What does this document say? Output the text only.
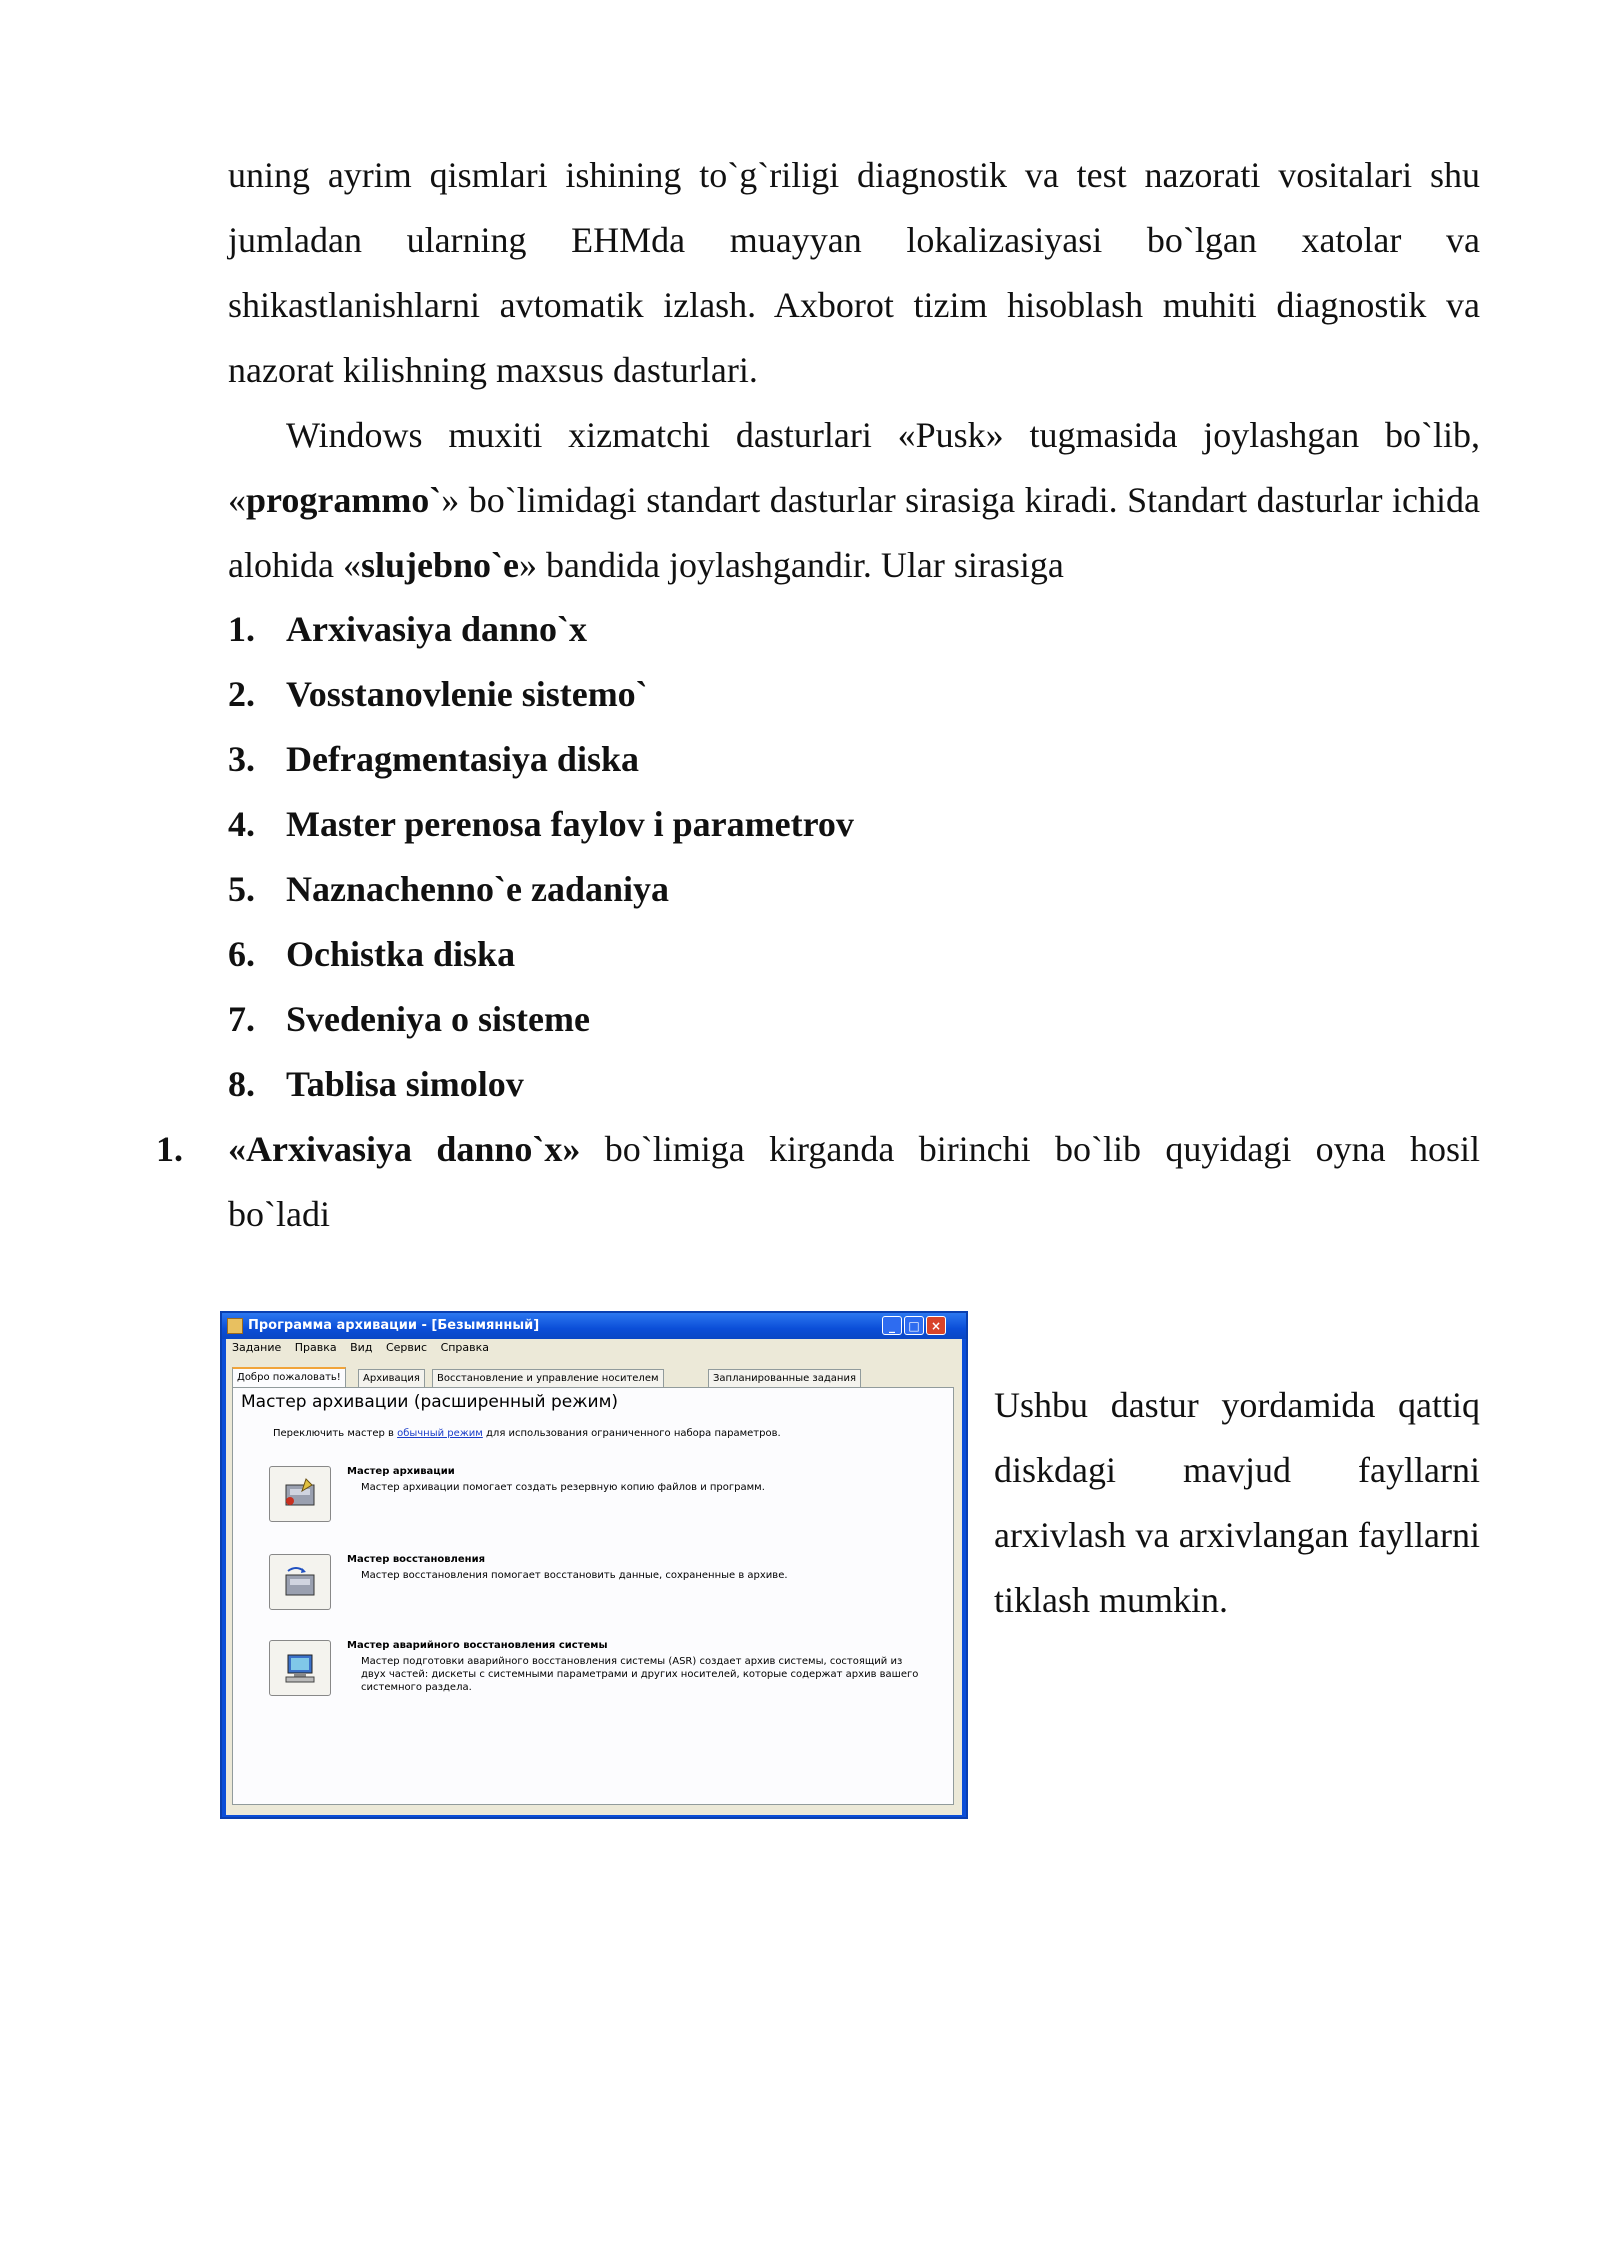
uning ayrim qismlari ishining to`g`riligi diagnostik va test nazorati vositalari shu jumladan ularning EHMda muayyan lokalizasiyasi bo`lgan xatolar va shikastlanishlarni avtomatik izlash. Axborot tizim hisoblash muhiti diagnostik va nazorat kilishning maxsus dasturlari.

Windows muxiti xizmatchi dasturlari «Pusk» tugmasida joylashgan bo`lib, «programmo`» bo`limidagi standart dasturlar sirasiga kiradi. Standart dasturlar ichida alohida «slujebno`e» bandida joylashgandir. Ular sirasiga

1. Arxivasiya danno`x
2. Vosstanovlenie sistemo`
3. Defragmentasiya diska
4. Master perenosa faylov i parametrov
5. Naznachenno`e zadaniya
6. Ochistka diska
7. Svedeniya o sisteme
8. Tablisa simolov
1. «Arxivasiya danno`x» bo`limiga kirganda birinchi bo`lib quyidagi oyna hosil
bo`ladi
Ushbu dastur yordamida qattiq diskdagi mavjud fayllarni arxivlash va arxivlangan fayllarni tiklash mumkin.
Программа архивации - [Безымянный]	_	□ ×
Задание Правка Вид Сервис Справка
Добро пожаловать!	Архивация	Восстановление и управление носителем	Запланированные задания
Мастер архивации (расширенный режим)
Переключить мастер в обычный режим для использования ограниченного набора параметров.
Мастер архивации
Мастер архивации помогает создать резервную копию файлов и программ.
Мастер восстановления
Мастер восстановления помогает восстановить данные, сохраненные в архиве.
Мастер аварийного восстановления системы
Мастер подготовки аварийного восстановления системы (ASR) создает архив системы, состоящий из двух частей: дискеты с системными параметрами и других носителей, которые содержат архив вашего системного раздела.
